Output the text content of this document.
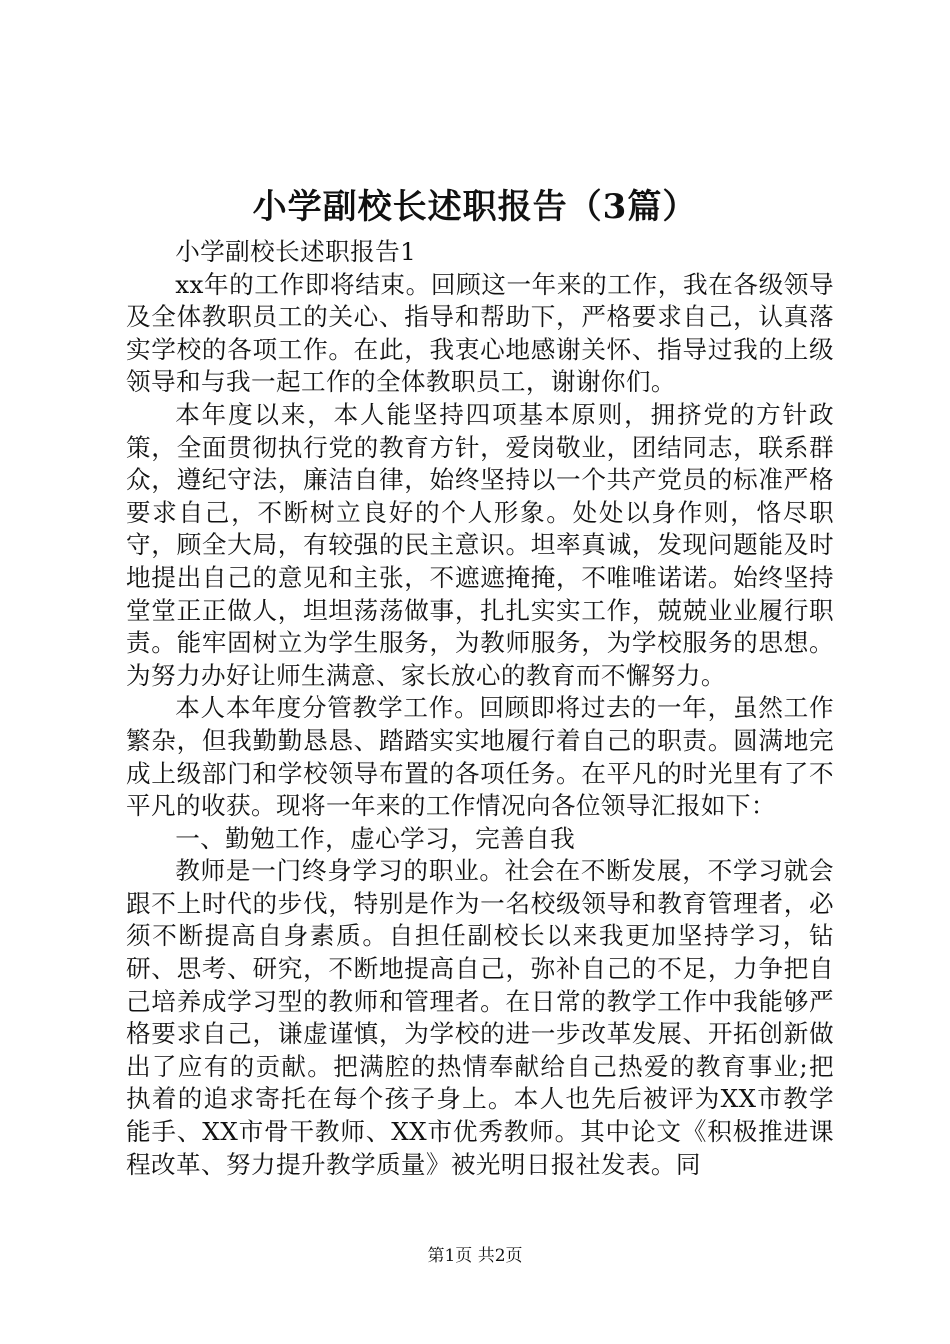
小学副校长述职报告（3篇）

小学副校长述职报告1

xx年的工作即将结束。回顾这一年来的工作，我在各级领导及全体教职员工的关心、指导和帮助下，严格要求自己，认真落实学校的各项工作。在此，我衷心地感谢关怀、指导过我的上级领导和与我一起工作的全体教职员工，谢谢你们。

本年度以来，本人能坚持四项基本原则，拥挤党的方针政策，全面贯彻执行党的教育方针，爱岗敬业，团结同志，联系群众，遵纪守法，廉洁自律，始终坚持以一个共产党员的标准严格要求自己，不断树立良好的个人形象。处处以身作则，恪尽职守，顾全大局，有较强的民主意识。坦率真诚，发现问题能及时地提出自己的意见和主张，不遮遮掩掩，不唯唯诺诺。始终坚持堂堂正正做人，坦坦荡荡做事，扎扎实实工作，兢兢业业履行职责。能牢固树立为学生服务，为教师服务，为学校服务的思想。为努力办好让师生满意、家长放心的教育而不懈努力。

本人本年度分管教学工作。回顾即将过去的一年，虽然工作繁杂，但我勤勤恳恳、踏踏实实地履行着自己的职责。圆满地完成上级部门和学校领导布置的各项任务。在平凡的时光里有了不平凡的收获。现将一年来的工作情况向各位领导汇报如下：

一、勤勉工作，虚心学习，完善自我

教师是一门终身学习的职业。社会在不断发展，不学习就会跟不上时代的步伐，特别是作为一名校级领导和教育管理者，必须不断提高自身素质。自担任副校长以来我更加坚持学习，钻研、思考、研究，不断地提高自己，弥补自己的不足，力争把自己培养成学习型的教师和管理者。在日常的教学工作中我能够严格要求自己，谦虚谨慎，为学校的进一步改革发展、开拓创新做出了应有的贡献。把满腔的热情奉献给自己热爱的教育事业;把执着的追求寄托在每个孩子身上。本人也先后被评为XX市教学能手、XX市骨干教师、XX市优秀教师。其中论文《积极推进课程改革、努力提升教学质量》被光明日报社发表。同

第1页 共2页
